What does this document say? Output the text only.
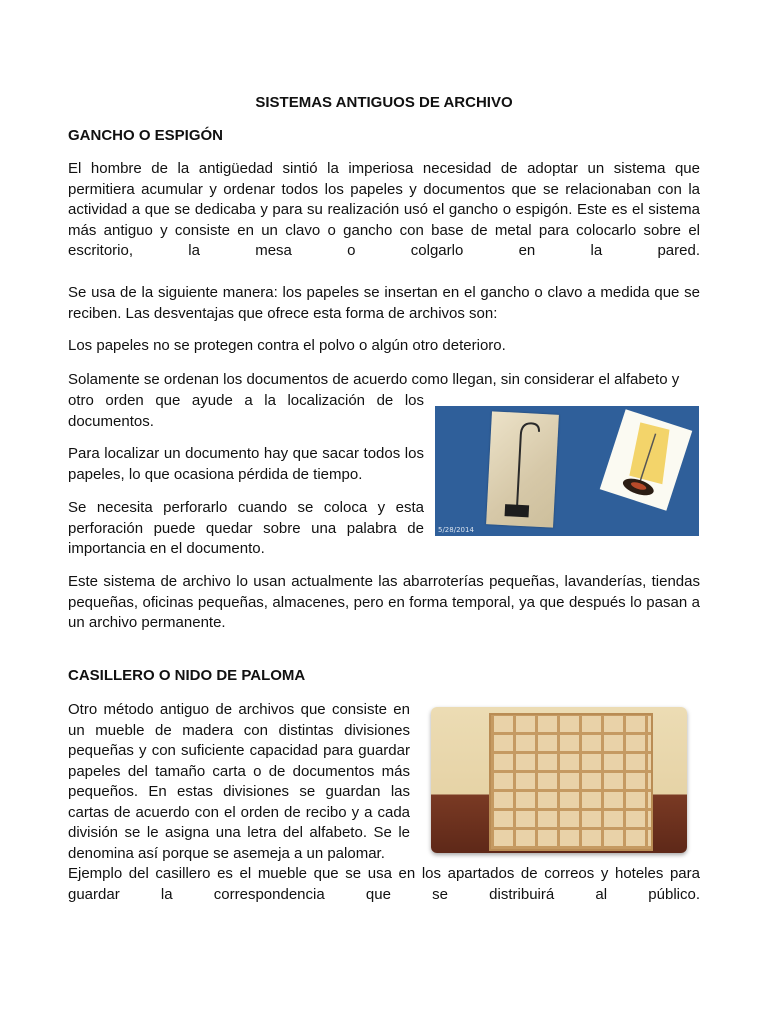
SISTEMAS ANTIGUOS DE ARCHIVO
GANCHO O ESPIGÓN

El hombre de la antigüedad sintió la imperiosa necesidad de adoptar un sistema que permitiera acumular y ordenar todos los papeles y documentos que se relacionaban con la actividad a que se dedicaba y para su realización usó el gancho o espigón. Este es el sistema más antiguo y consiste en un clavo o gancho con base de metal para colocarlo sobre el escritorio, la mesa o colgarlo en la pared.

Se usa de la siguiente manera: los papeles se insertan en el gancho o clavo a medida que se reciben. Las desventajas que ofrece esta forma de archivos son:

Los papeles no se protegen contra el polvo o algún otro deterioro.

Solamente se ordenan los documentos de acuerdo como llegan, sin considerar el alfabeto y

otro orden que ayude a la localización de los documentos.

Para localizar un documento hay que sacar todos los papeles, lo que ocasiona pérdida de tiempo.

Se necesita perforarlo cuando se coloca y esta perforación puede quedar sobre una palabra de importancia en el documento.

5/28/2014

Este sistema de archivo lo usan actualmente las abarroterías pequeñas, lavanderías, tiendas pequeñas, oficinas pequeñas, almacenes, pero en forma temporal, ya que después lo pasan a un archivo permanente.

CASILLERO O NIDO DE PALOMA

Otro método antiguo de archivos que consiste en un mueble de madera con distintas divisiones pequeñas y con suficiente capacidad para guardar papeles del tamaño carta o de documentos más pequeños. En estas divisiones se guardan las cartas de acuerdo con el orden de recibo y a cada división se le asigna una letra del alfabeto. Se le denomina así porque se asemeja a un palomar.

Ejemplo del casillero es el mueble que se usa en los apartados de correos y hoteles para guardar la correspondencia que se distribuirá al público.
